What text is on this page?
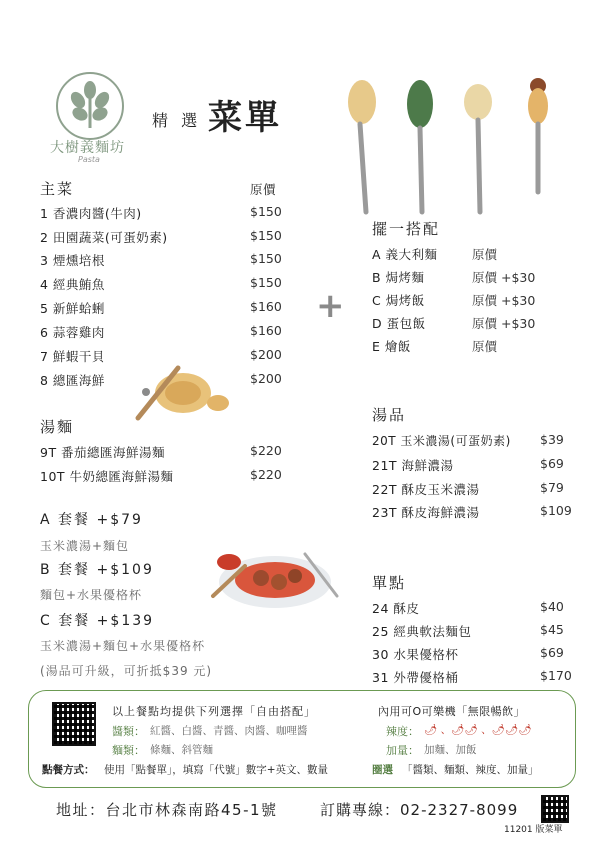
大樹義麵坊
Pasta
精 選 菜單
主菜	原價
1 香濃肉醬(牛肉)	$150
2 田園蔬菜(可蛋奶素)	$150
3 煙燻培根	$150
4 經典鮪魚	$150
5 新鮮蛤蜊	$160
6 蒜蓉雞肉	$160
7 鮮蝦干貝	$200
8 總匯海鮮	$200
湯麵
9T 番茄總匯海鮮湯麵	$220
10T 牛奶總匯海鮮湯麵	$220
A 套餐 +$79
玉米濃湯+麵包
B 套餐 +$109
麵包+水果優格杯
C 套餐 +$139
玉米濃湯+麵包+水果優格杯
(湯品可升級，可折抵$39 元)
+
擺一搭配
A 義大利麵	原價
B 焗烤麵	原價 +$30
C 焗烤飯	原價 +$30
D 蛋包飯	原價 +$30
E 燴飯	原價
湯品
20T 玉米濃湯(可蛋奶素) $39
21T 海鮮濃湯	$69
22T 酥皮玉米濃湯	$79
23T 酥皮海鮮濃湯	$109
單點
24 酥皮	$40
25 經典軟法麵包	$45
30 水果優格杯	$69
31 外帶優格桶	$170
以上餐點均提供下列選擇「自由搭配」
醬類： 紅醬、白醬、青醬、肉醬、咖哩醬
麵類： 條麵、斜管麵
點餐方式： 使用「點餐單」，填寫「代號」數字+英文、數量
內用可O可樂機「無限暢飲」
辣度： 🌶 、🌶🌶 、🌶🌶🌶
加量： 加麵、加飯
圈選 「醬類、麵類、辣度、加量」
地址：台北市林森南路45-1號	訂購專線：02-2327-8099
11201 版菜單
